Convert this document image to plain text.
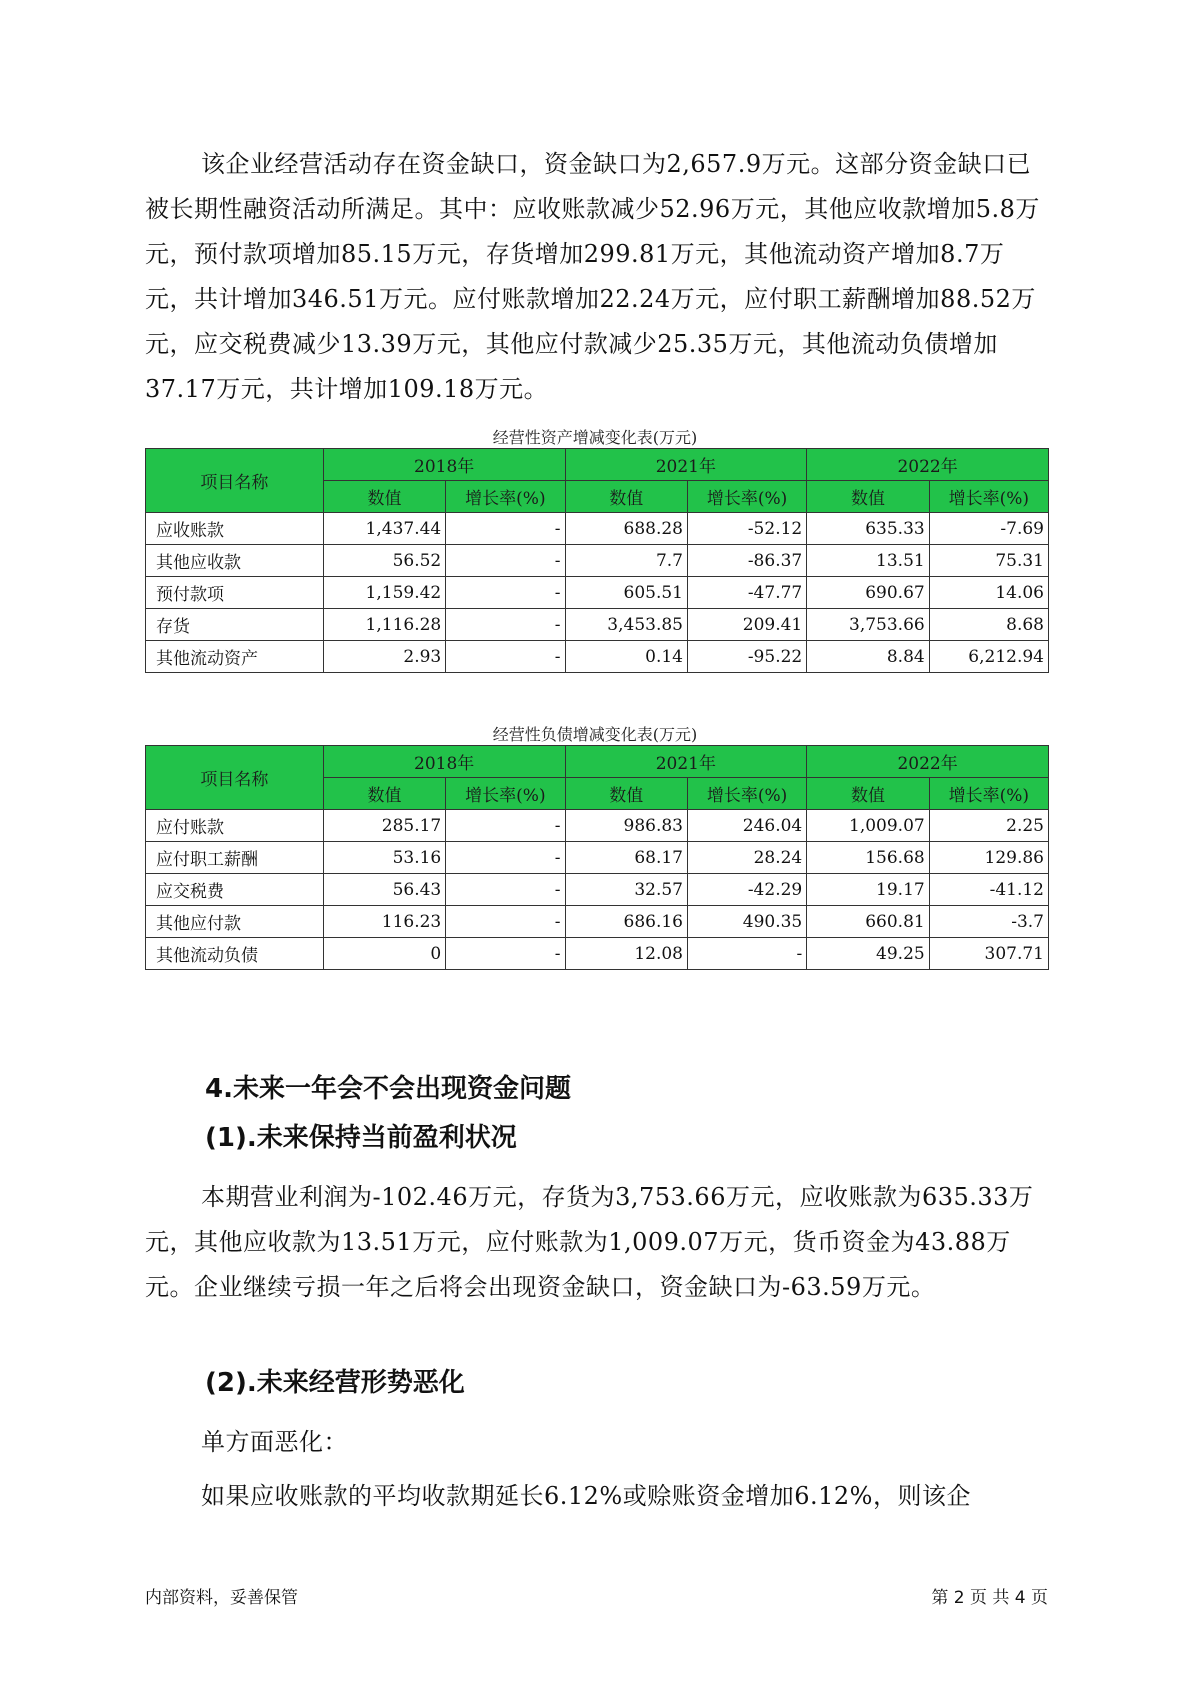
该企业经营活动存在资金缺口，资金缺口为2,657.9万元。这部分资金缺口已被长期性融资活动所满足。其中：应收账款减少52.96万元，其他应收款增加5.8万元，预付款项增加85.15万元，存货增加299.81万元，其他流动资产增加8.7万元，共计增加346.51万元。应付账款增加22.24万元，应付职工薪酬增加88.52万元，应交税费减少13.39万元，其他应付款减少25.35万元，其他流动负债增加37.17万元，共计增加109.18万元。

经营性资产增减变化表(万元)
项目名称	2018年		2021年		2022年	
	数值	增长率(%)	数值	增长率(%)	数值	增长率(%)
应收账款	1,437.44	-	688.28	-52.12	635.33	-7.69
其他应收款	56.52	-	7.7	-86.37	13.51	75.31
预付款项	1,159.42	-	605.51	-47.77	690.67	14.06
存货	1,116.28	-	3,453.85	209.41	3,753.66	8.68
其他流动资产	2.93	-	0.14	-95.22	8.84	6,212.94
经营性负债增减变化表(万元)
项目名称	2018年		2021年		2022年	
	数值	增长率(%)	数值	增长率(%)	数值	增长率(%)
应付账款	285.17	-	986.83	246.04	1,009.07	2.25
应付职工薪酬	53.16	-	68.17	28.24	156.68	129.86
应交税费	56.43	-	32.57	-42.29	19.17	-41.12
其他应付款	116.23	-	686.16	490.35	660.81	-3.7
其他流动负债	0	-	12.08	-	49.25	307.71
4.未来一年会不会出现资金问题
(1).未来保持当前盈利状况

本期营业利润为-102.46万元，存货为3,753.66万元，应收账款为635.33万元，其他应收款为13.51万元，应付账款为1,009.07万元，货币资金为43.88万元。企业继续亏损一年之后将会出现资金缺口，资金缺口为-63.59万元。

(2).未来经营形势恶化

单方面恶化：

如果应收账款的平均收款期延长6.12%或赊账资金增加6.12%，则该企

内部资料，妥善保管	第 2 页 共 4 页
